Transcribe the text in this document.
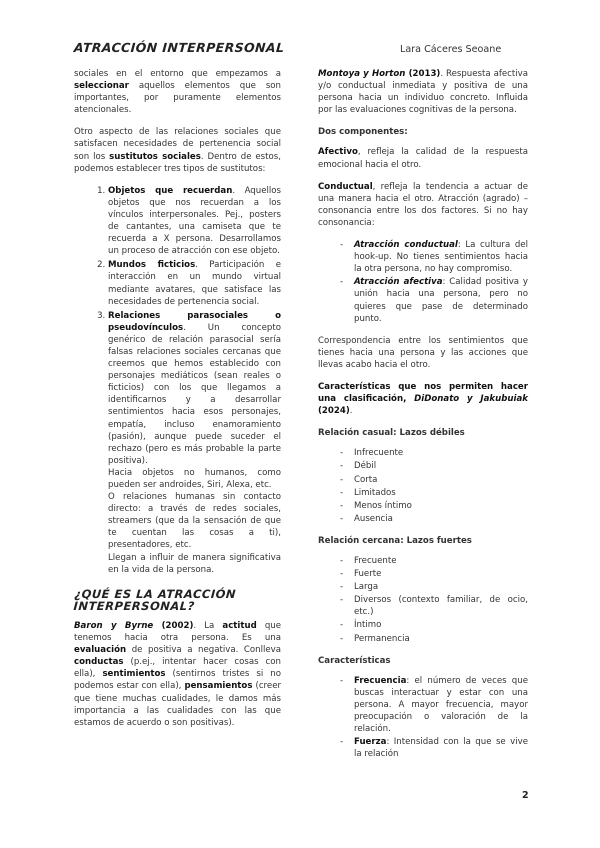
ATRACCIÓN INTERPERSONAL	Lara Cáceres Seoane

sociales en el entorno que empezamos a seleccionar aquellos elementos que son importantes, por puramente elementos atencionales.

Otro aspecto de las relaciones sociales que satisfacen necesidades de pertenencia social son los sustitutos sociales. Dentro de estos, podemos establecer tres tipos de sustitutos:

1. Objetos que recuerdan. Aquellos objetos que nos recuerdan a los vínculos interpersonales. Pej., posters de cantantes, una camiseta que te recuerda a X persona. Desarrollamos un proceso de atracción con ese objeto.
2. Mundos ficticios. Participación e interacción en un mundo virtual mediante avatares, que satisface las necesidades de pertenencia social.
3. Relaciones parasociales o pseudovínculos. Un concepto genérico de relación parasocial sería falsas relaciones sociales cercanas que creemos que hemos establecido con personajes mediáticos (sean reales o ficticios) con los que llegamos a identificarnos y a desarrollar sentimientos hacia esos personajes, empatía, incluso enamoramiento (pasión), aunque puede suceder el rechazo (pero es más probable la parte positiva).
Hacia objetos no humanos, como pueden ser androides, Siri, Alexa, etc.
O relaciones humanas sin contacto directo: a través de redes sociales, streamers (que da la sensación de que te cuentan las cosas a ti), presentadores, etc.
Llegan a influir de manera significativa en la vida de la persona.
¿QUÉ ES LA ATRACCIÓN INTERPERSONAL?

Baron y Byrne (2002). La actitud que tenemos hacia otra persona. Es una evaluación de positiva a negativa. Conlleva conductas (p.ej., intentar hacer cosas con ella), sentimientos (sentirnos tristes si no podemos estar con ella), pensamientos (creer que tiene muchas cualidades, le damos más importancia a las cualidades con las que estamos de acuerdo o son positivas).

Montoya y Horton (2013). Respuesta afectiva y/o conductual inmediata y positiva de una persona hacia un individuo concreto. Influida por las evaluaciones cognitivas de la persona.

Dos componentes:

Afectivo, refleja la calidad de la respuesta emocional hacia el otro.

Conductual, refleja la tendencia a actuar de una manera hacia el otro. Atracción (agrado) – consonancia entre los dos factores. Si no hay consonancia:

- Atracción conductual: La cultura del hook-up. No tienes sentimientos hacia la otra persona, no hay compromiso.
- Atracción afectiva: Calidad positiva y unión hacia una persona, pero no quieres que pase de determinado punto.

Correspondencia entre los sentimientos que tienes hacia una persona y las acciones que llevas acabo hacia el otro.

Características que nos permiten hacer una clasificación, DiDonato y Jakubuiak (2024).

Relación casual: Lazos débiles
- Infrecuente
- Débil
- Corta
- Limitados
- Menos íntimo
- Ausencia
Relación cercana: Lazos fuertes
- Frecuente
- Fuerte
- Larga
- Diversos (contexto familiar, de ocio, etc.)
- Íntimo
- Permanencia
Características
- Frecuencia: el número de veces que buscas interactuar y estar con una persona. A mayor frecuencia, mayor preocupación o valoración de la relación.
- Fuerza: Intensidad con la que se vive la relación
2
